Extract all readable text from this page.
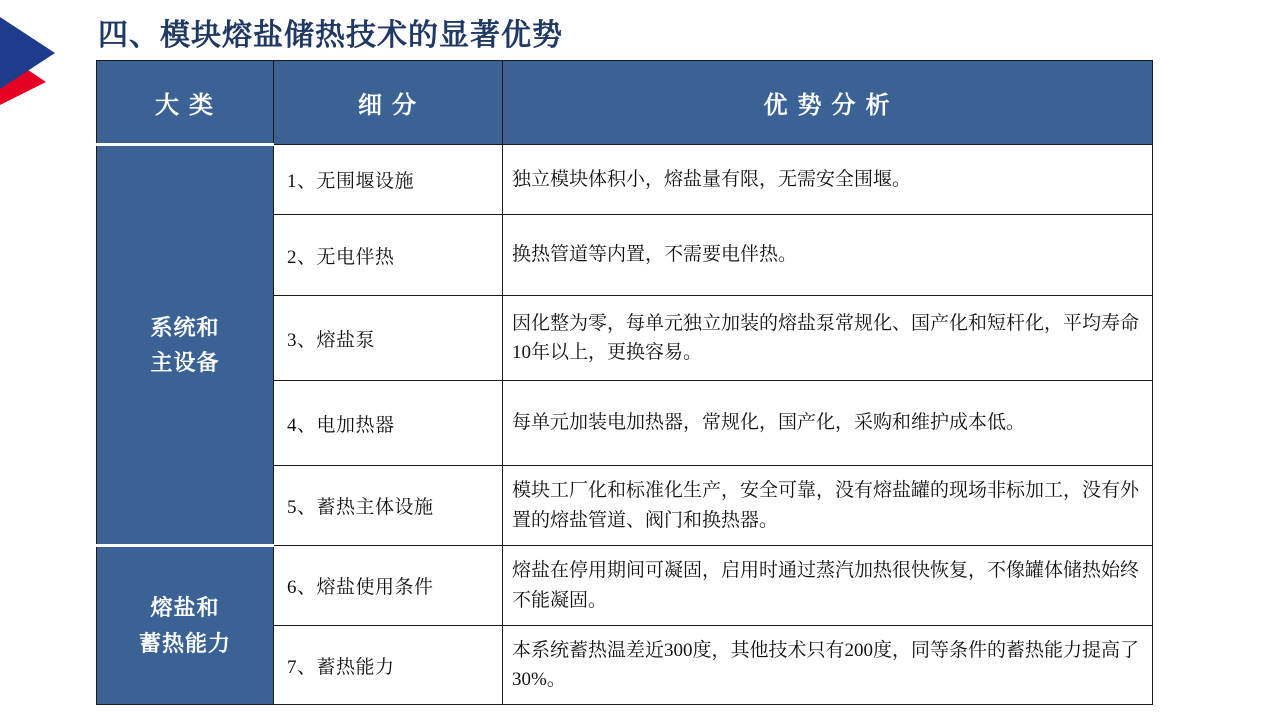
四、模块熔盐储热技术的显著优势
大 类	细 分	优 势 分 析

系统和
主设备	1、无围堰设施	独立模块体积小，熔盐量有限，无需安全围堰。
	2、无电伴热	换热管道等内置，不需要电伴热。
	3、熔盐泵	因化整为零，每单元独立加装的熔盐泵常规化、国产化和短杆化，平均寿命10年以上，更换容易。
	4、电加热器	每单元加装电加热器，常规化，国产化，采购和维护成本低。
	5、蓄热主体设施	模块工厂化和标准化生产，安全可靠，没有熔盐罐的现场非标加工，没有外置的熔盐管道、阀门和换热器。

熔盐和
蓄热能力	6、熔盐使用条件	熔盐在停用期间可凝固，启用时通过蒸汽加热很快恢复，不像罐体储热始终不能凝固。
	7、蓄热能力	本系统蓄热温差近300度，其他技术只有200度，同等条件的蓄热能力提高了30%。
